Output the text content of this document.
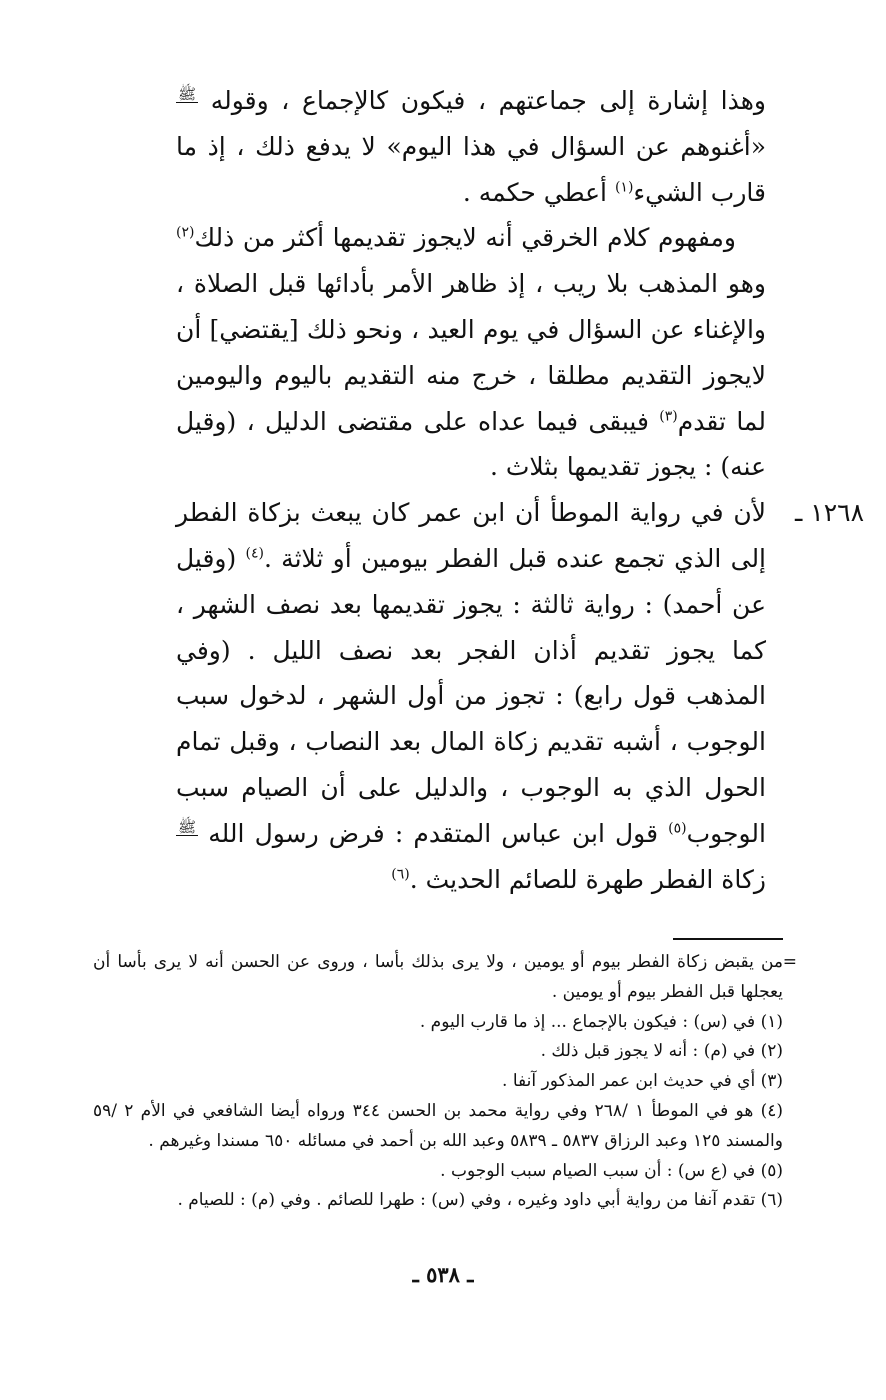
وهذا إشارة إلى جماعتهم ، فيكون كالإجماع ، وقوله ﷺ «أغنوهم عن السؤال في هذا اليوم» لا يدفع ذلك ، إذ ما قارب الشيء$^{(١)}$ أعطي حكمه .

ومفهوم كلام الخرقي أنه لايجوز تقديمها أكثر من ذلك$^{(٢)}$ وهو المذهب بلا ريب ، إذ ظاهر الأمر بأدائها قبل الصلاة ، والإغناء عن السؤال في يوم العيد ، ونحو ذلك [يقتضي] أن لايجوز التقديم مطلقا ، خرج منه التقديم باليوم واليومين لما تقدم$^{(٣)}$ فيبقى فيما عداه على مقتضى الدليل ، (وقيل عنه) : يجوز تقديمها بثلاث .

١٢٦٨ ـ
لأن في رواية الموطأ أن ابن عمر كان يبعث بزكاة الفطر إلى الذي تجمع عنده قبل الفطر بيومين أو ثلاثة .$^{(٤)}$ (وقيل عن أحمد) : رواية ثالثة : يجوز تقديمها بعد نصف الشهر ، كما يجوز تقديم أذان الفجر بعد نصف الليل . (وفي المذهب قول رابع) : تجوز من أول الشهر ، لدخول سبب الوجوب ، أشبه تقديم زكاة المال بعد النصاب ، وقبل تمام الحول الذي به الوجوب ، والدليل على أن الصيام سبب الوجوب$^{(٥)}$ قول ابن عباس المتقدم : فرض رسول الله ﷺ زكاة الفطر طهرة للصائم الحديث .$^{(٦)}$

=
من يقبض زكاة الفطر بيوم أو يومين ، ولا يرى بذلك بأسا ، وروى عن الحسن أنه لا يرى بأسا أن يعجلها قبل الفطر بيوم أو يومين .

(١) في (س) : فيكون بالإجماع ... إذ ما قارب اليوم .

(٢) في (م) : أنه لا يجوز قبل ذلك .

(٣) أي في حديث ابن عمر المذكور آنفا .

(٤) هو في الموطأ ١ /٢٦٨ وفي رواية محمد بن الحسن ٣٤٤ ورواه أيضا الشافعي في الأم ٢ /٥٩ والمسند ١٢٥ وعبد الرزاق ٥٨٣٧ ـ ٥٨٣٩ وعبد الله بن أحمد في مسائله ٦٥٠ مسندا وغيرهم .

(٥) في (ع س) : أن سبب الصيام سبب الوجوب .

(٦) تقدم آنفا من رواية أبي داود وغيره ، وفي (س) : طهرا للصائم . وفي (م) : للصيام .

ـ ٥٣٨ ـ
